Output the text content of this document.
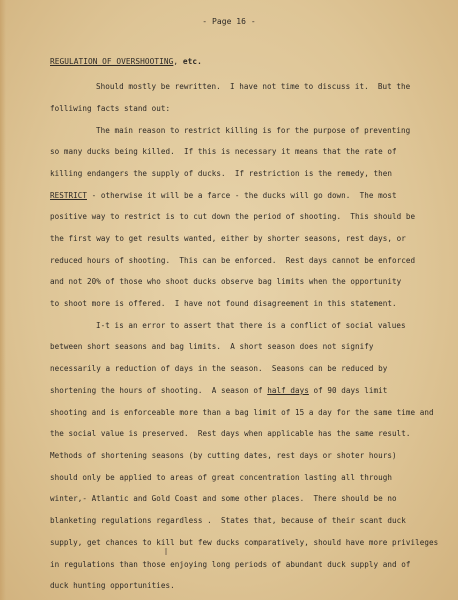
- Page 16 -
REGULATION OF OVERSHOOTING, etc.
Should mostly be rewritten.  I have not time to discuss it.  But the
folliwing facts stand out:
The main reason to restrict killing is for the purpose of preventing
so many ducks being killed.  If this is necessary it means that the rate of
killing endangers the supply of ducks.  If restriction is the remedy, then
RESTRICT - otherwise it will be a farce - the ducks will go down.  The most
positive way to restrict is to cut down the period of shooting.  This should be
the first way to get results wanted, either by shorter seasons, rest days, or
reduced hours of shooting.  This can be enforced.  Rest days cannot be enforced
and not 20% of those who shoot ducks observe bag limits when the opportunity
to shoot more is offered.  I have not found disagreement in this statement.
I-t is an error to assert that there is a conflict of social values
between short seasons and bag limits.  A short season does not signify
necessarily a reduction of days in the season.  Seasons can be reduced by
shortening the hours of shooting.  A season of half days of 90 days limit
shooting and is enforceable more than a bag limit of 15 a day for the same time and
the social value is preserved.  Rest days when applicable has the same result.
Methods of shortening seasons (by cutting dates, rest days or shoter hours)
should only be applied to areas of great concentration lasting all through
winter,- Atlantic and Gold Coast and some other places.  There should be no
blanketing regulations regardless .  States that, because of their scant duck
supply, get chances to kill but few ducks comparatively, should have more privileges
in regulations than those enjoying long periods of abundant duck supply and of
duck hunting opportunities.
